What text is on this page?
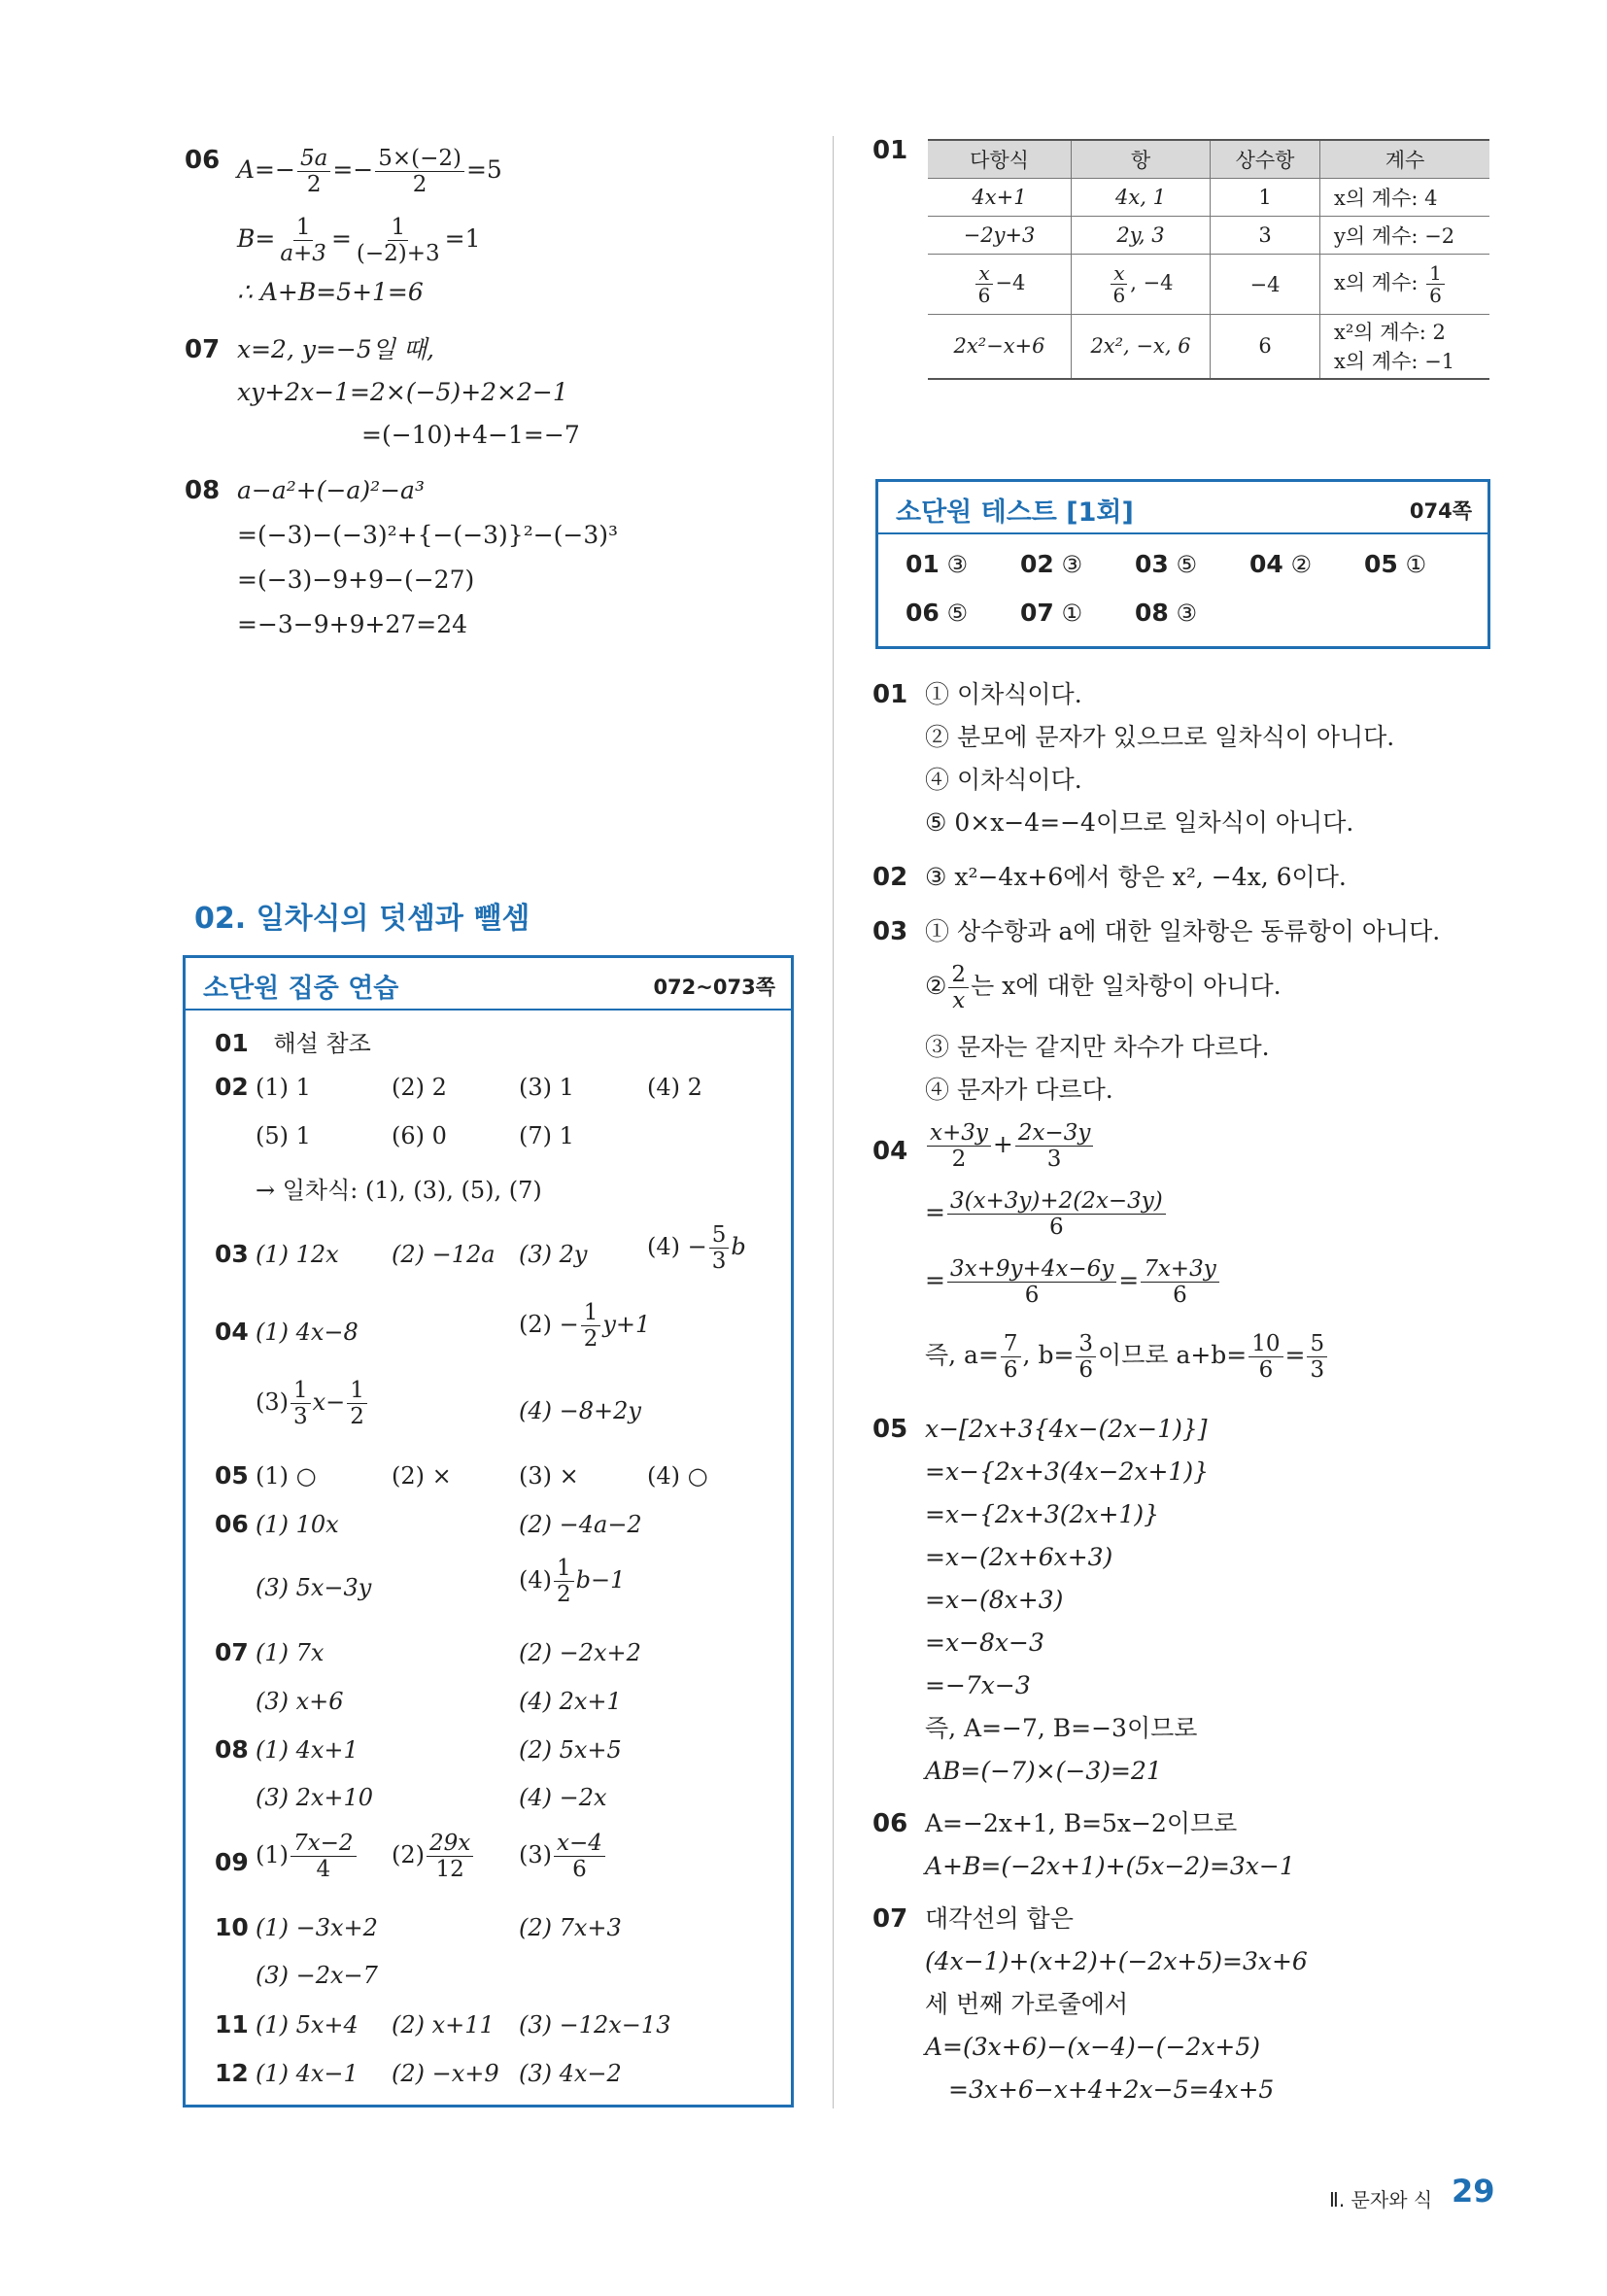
06 $A=- \frac{5a}{2} =- \frac{5\times(-2)}{2} =5$
$B= \frac{1}{a+3} = \frac{1}{(-2)+3} =1$
∴ A+B=5+1=6
07 x=2, y=−5일 때,
xy+2x−1=2×(−5)+2×2−1
=(−10)+4−1=−7
08 a−a²+(−a)²−a³
=(−3)−(−3)²+{−(−3)}²−(−3)³
=(−3)−9+9−(−27)
=−3−9+9+27=24
02. 일차식의 덧셈과 뺄셈
소단원 집중 연습	072~073쪽
01 해설 참조
02 (1) 1	(2) 2	(3) 1	(4) 2
(5) 1	(6) 0	(7) 1
→ 일차식: (1), (3), (5), (7)
03 (1) 12x (2) −12a (3) 2y	$(4) - \frac{5}{3}$ b
04 (1) 4x−8	$(2) - \frac{1}{2} y+1$
$(3) \frac{1}{3} x- \frac{1}{2}$	(4) −8+2y
05 (1) ○	(2) ×	(3) ×	(4) ○
06 (1) 10x	(2) −4a−2
(3) 5x−3y	$(4) \frac{1}{2} b-1$
07 (1) 7x	(2) −2x+2
(3) x+6	(4) 2x+1
08 (1) 4x+1	(2) 5x+5
(3) 2x+10	(4) −2x
09 $(1) \frac{7x-2}{4} (2) \frac{29x}{12} (3) \frac{x-4}{6}$
10 (1) −3x+2	(2) 7x+3
(3) −2x−7
11 (1) 5x+4 (2) x+11 (3) −12x−13
12 (1) 4x−1 (2) −x+9 (3) 4x−2
01	다항식	항	상수항	계수
4x+1	4x, 1	1	x의 계수: 4
−2y+3	2y, 3	3	y의 계수: −2

$\frac{x}{6} -4$	$\frac{x}{6}$ , −4	−4	x의 계수: $\frac{1}{6}$

2x²−x+6	2x², −x, 6	6	x²의 계수: 2
x의 계수: −1
소단원 테스트 [1회]	074쪽
01 ③ 02 ③ 03 ⑤ 04 ② 05 ①
06 ⑤ 07 ① 08 ③
01 ① 이차식이다.
② 분모에 문자가 있으므로 일차식이 아니다.
④ 이차식이다.
⑤ 0×x−4=−4이므로 일차식이 아니다.
02 ③ x²−4x+6에서 항은 x², −4x, 6이다.
03 ① 상수항과 a에 대한 일차항은 동류항이 아니다.
② $\frac{2}{x}$ 는 x에 대한 일차항이 아니다.
③ 문자는 같지만 차수가 다르다.
④ 문자가 다르다.
$04 \frac{x+3y}{2} + \frac{2x-3y}{3}$
= $\frac{3(x+3y)+2(2x-3y)}{6}$
= $\frac{3x+9y+4x-6y}{6} = \frac{7x+3y}{6}$
즉, $a= \frac{7}{6}$ , $b= \frac{3}{6}$ 이므로 $a+b= \frac{10}{6} = \frac{5}{3}$
05 x−[2x+3{4x−(2x−1)}]
=x−{2x+3(4x−2x+1)}
=x−{2x+3(2x+1)}
=x−(2x+6x+3)
=x−(8x+3)
=x−8x−3
=−7x−3
즉, A=−7, B=−3이므로
AB=(−7)×(−3)=21
06 A=−2x+1, B=5x−2이므로
A+B=(−2x+1)+(5x−2)=3x−1
07 대각선의 합은
(4x−1)+(x+2)+(−2x+5)=3x+6
세 번째 가로줄에서
A=(3x+6)−(x−4)−(−2x+5)
=3x+6−x+4+2x−5=4x+5
Ⅱ. 문자와 식 29
